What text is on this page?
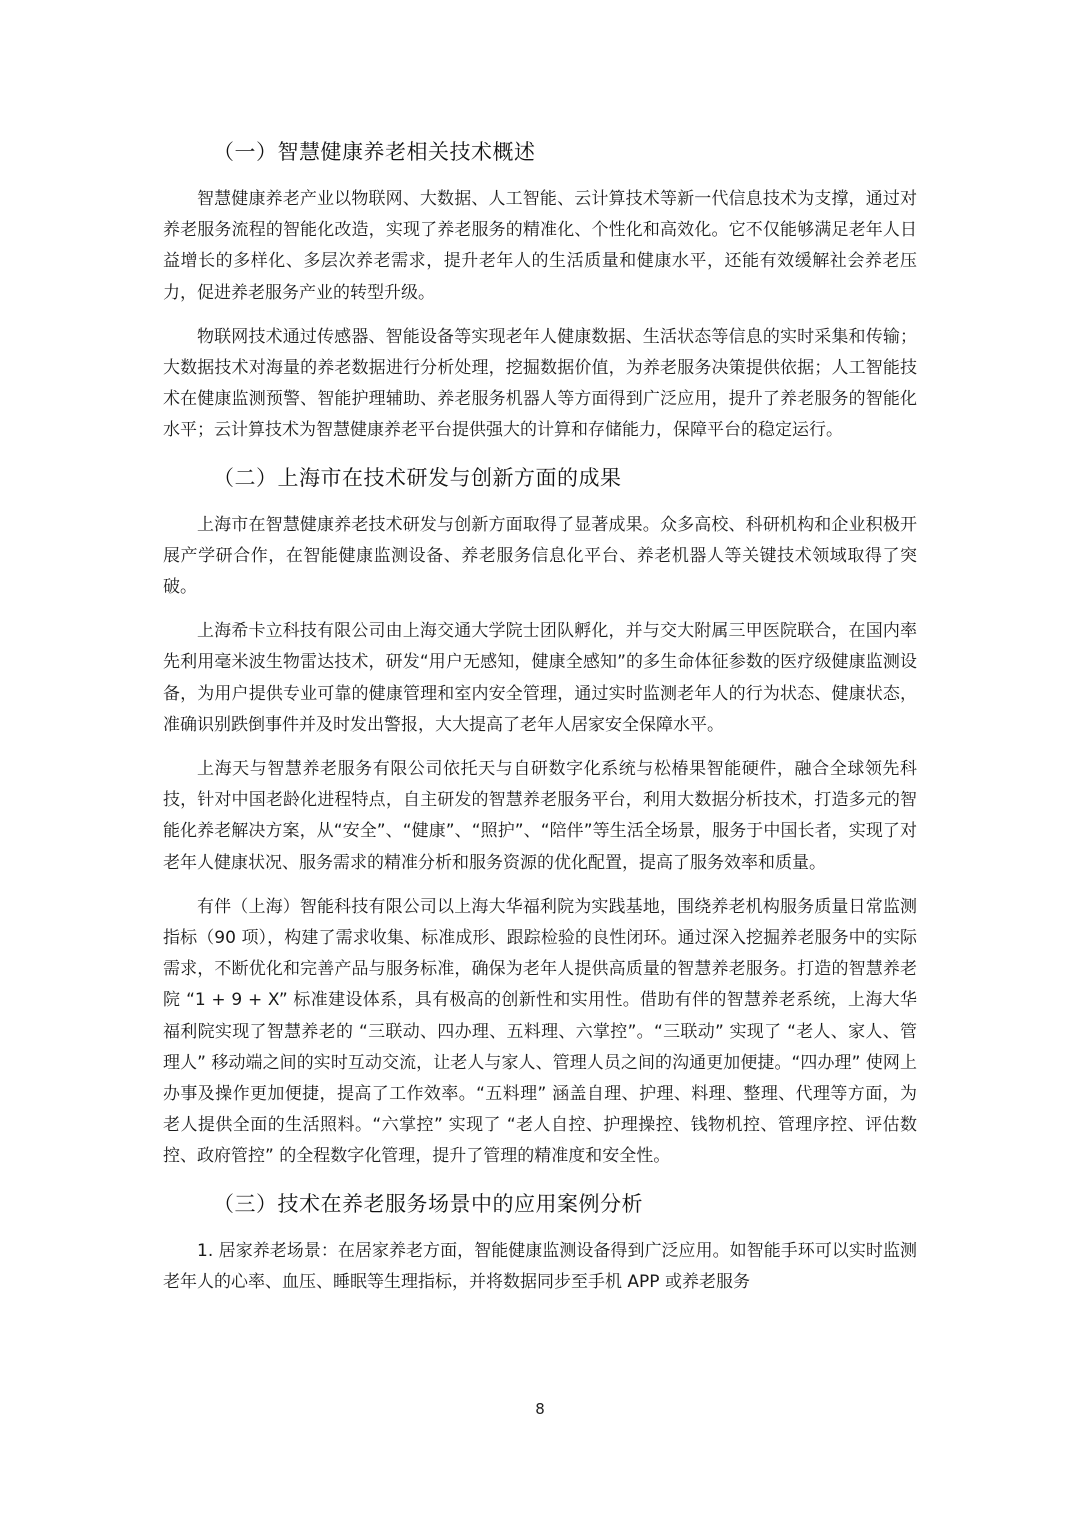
（一）智慧健康养老相关技术概述

智慧健康养老产业以物联网、大数据、人工智能、云计算技术等新一代信息技术为支撑，通过对养老服务流程的智能化改造，实现了养老服务的精准化、个性化和高效化。它不仅能够满足老年人日益增长的多样化、多层次养老需求，提升老年人的生活质量和健康水平，还能有效缓解社会养老压力，促进养老服务产业的转型升级。

物联网技术通过传感器、智能设备等实现老年人健康数据、生活状态等信息的实时采集和传输；大数据技术对海量的养老数据进行分析处理，挖掘数据价值，为养老服务决策提供依据；人工智能技术在健康监测预警、智能护理辅助、养老服务机器人等方面得到广泛应用，提升了养老服务的智能化水平；云计算技术为智慧健康养老平台提供强大的计算和存储能力，保障平台的稳定运行。

（二）上海市在技术研发与创新方面的成果

上海市在智慧健康养老技术研发与创新方面取得了显著成果。众多高校、科研机构和企业积极开展产学研合作，在智能健康监测设备、养老服务信息化平台、养老机器人等关键技术领域取得了突破。

上海希卡立科技有限公司由上海交通大学院士团队孵化，并与交大附属三甲医院联合，在国内率先利用毫米波生物雷达技术，研发“用户无感知，健康全感知”的多生命体征参数的医疗级健康监测设备，为用户提供专业可靠的健康管理和室内安全管理，通过实时监测老年人的行为状态、健康状态，准确识别跌倒事件并及时发出警报，大大提高了老年人居家安全保障水平。

上海天与智慧养老服务有限公司依托天与自研数字化系统与松椿果智能硬件，融合全球领先科技，针对中国老龄化进程特点，自主研发的智慧养老服务平台，利用大数据分析技术，打造多元的智能化养老解决方案，从“安全”、“健康”、“照护”、“陪伴”等生活全场景，服务于中国长者，实现了对老年人健康状况、服务需求的精准分析和服务资源的优化配置，提高了服务效率和质量。

有伴（上海）智能科技有限公司以上海大华福利院为实践基地，围绕养老机构服务质量日常监测指标（90 项），构建了需求收集、标准成形、跟踪检验的良性闭环。通过深入挖掘养老服务中的实际需求，不断优化和完善产品与服务标准，确保为老年人提供高质量的智慧养老服务。打造的智慧养老院 “1 + 9 + X” 标准建设体系，具有极高的创新性和实用性。借助有伴的智慧养老系统，上海大华福利院实现了智慧养老的 “三联动、四办理、五料理、六掌控”。“三联动” 实现了 “老人、家人、管理人” 移动端之间的实时互动交流，让老人与家人、管理人员之间的沟通更加便捷。“四办理” 使网上办事及操作更加便捷，提高了工作效率。“五料理” 涵盖自理、护理、料理、整理、代理等方面，为老人提供全面的生活照料。“六掌控” 实现了 “老人自控、护理操控、钱物机控、管理序控、评估数控、政府管控” 的全程数字化管理，提升了管理的精准度和安全性。

（三）技术在养老服务场景中的应用案例分析

1. 居家养老场景：在居家养老方面，智能健康监测设备得到广泛应用。如智能手环可以实时监测老年人的心率、血压、睡眠等生理指标，并将数据同步至手机 APP 或养老服务

8
